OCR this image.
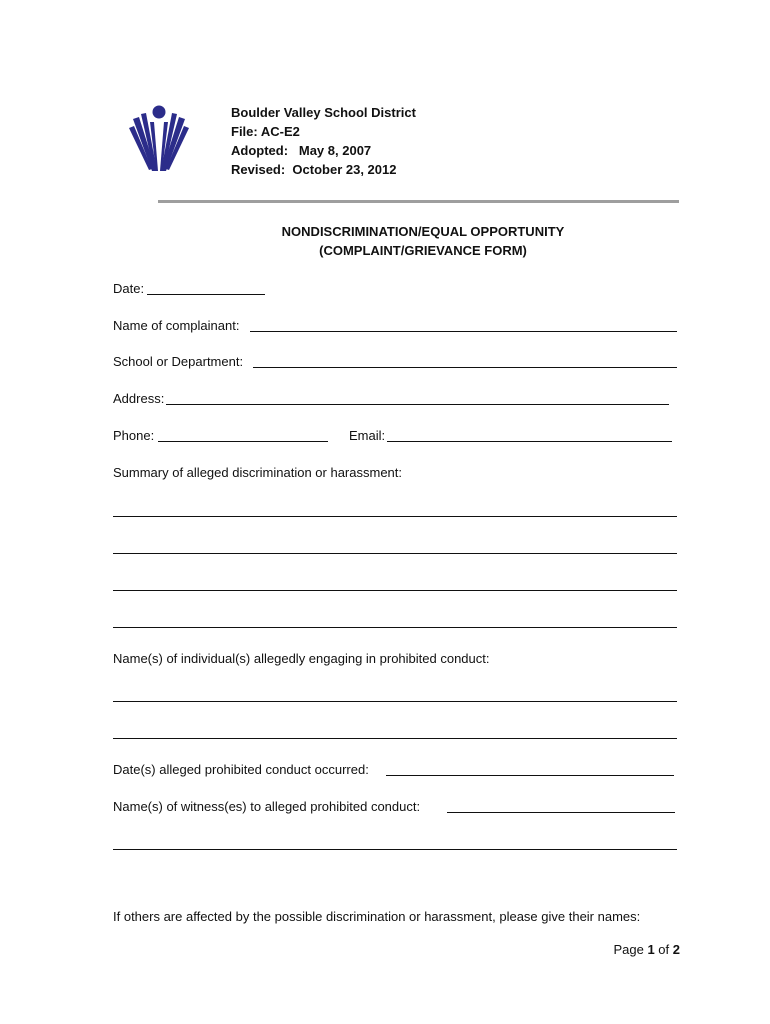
Boulder Valley School District
File: AC-E2
Adopted:   May 8, 2007
Revised:  October 23, 2012
NONDISCRIMINATION/EQUAL OPPORTUNITY
(COMPLAINT/GRIEVANCE FORM)
Date:
Name of complainant:
School or Department:
Address:
Phone:	Email:
Summary of alleged discrimination or harassment:
Name(s) of individual(s) allegedly engaging in prohibited conduct:
Date(s) alleged prohibited conduct occurred:
Name(s) of witness(es) to alleged prohibited conduct:
If others are affected by the possible discrimination or harassment, please give their names:
Page 1 of 2
